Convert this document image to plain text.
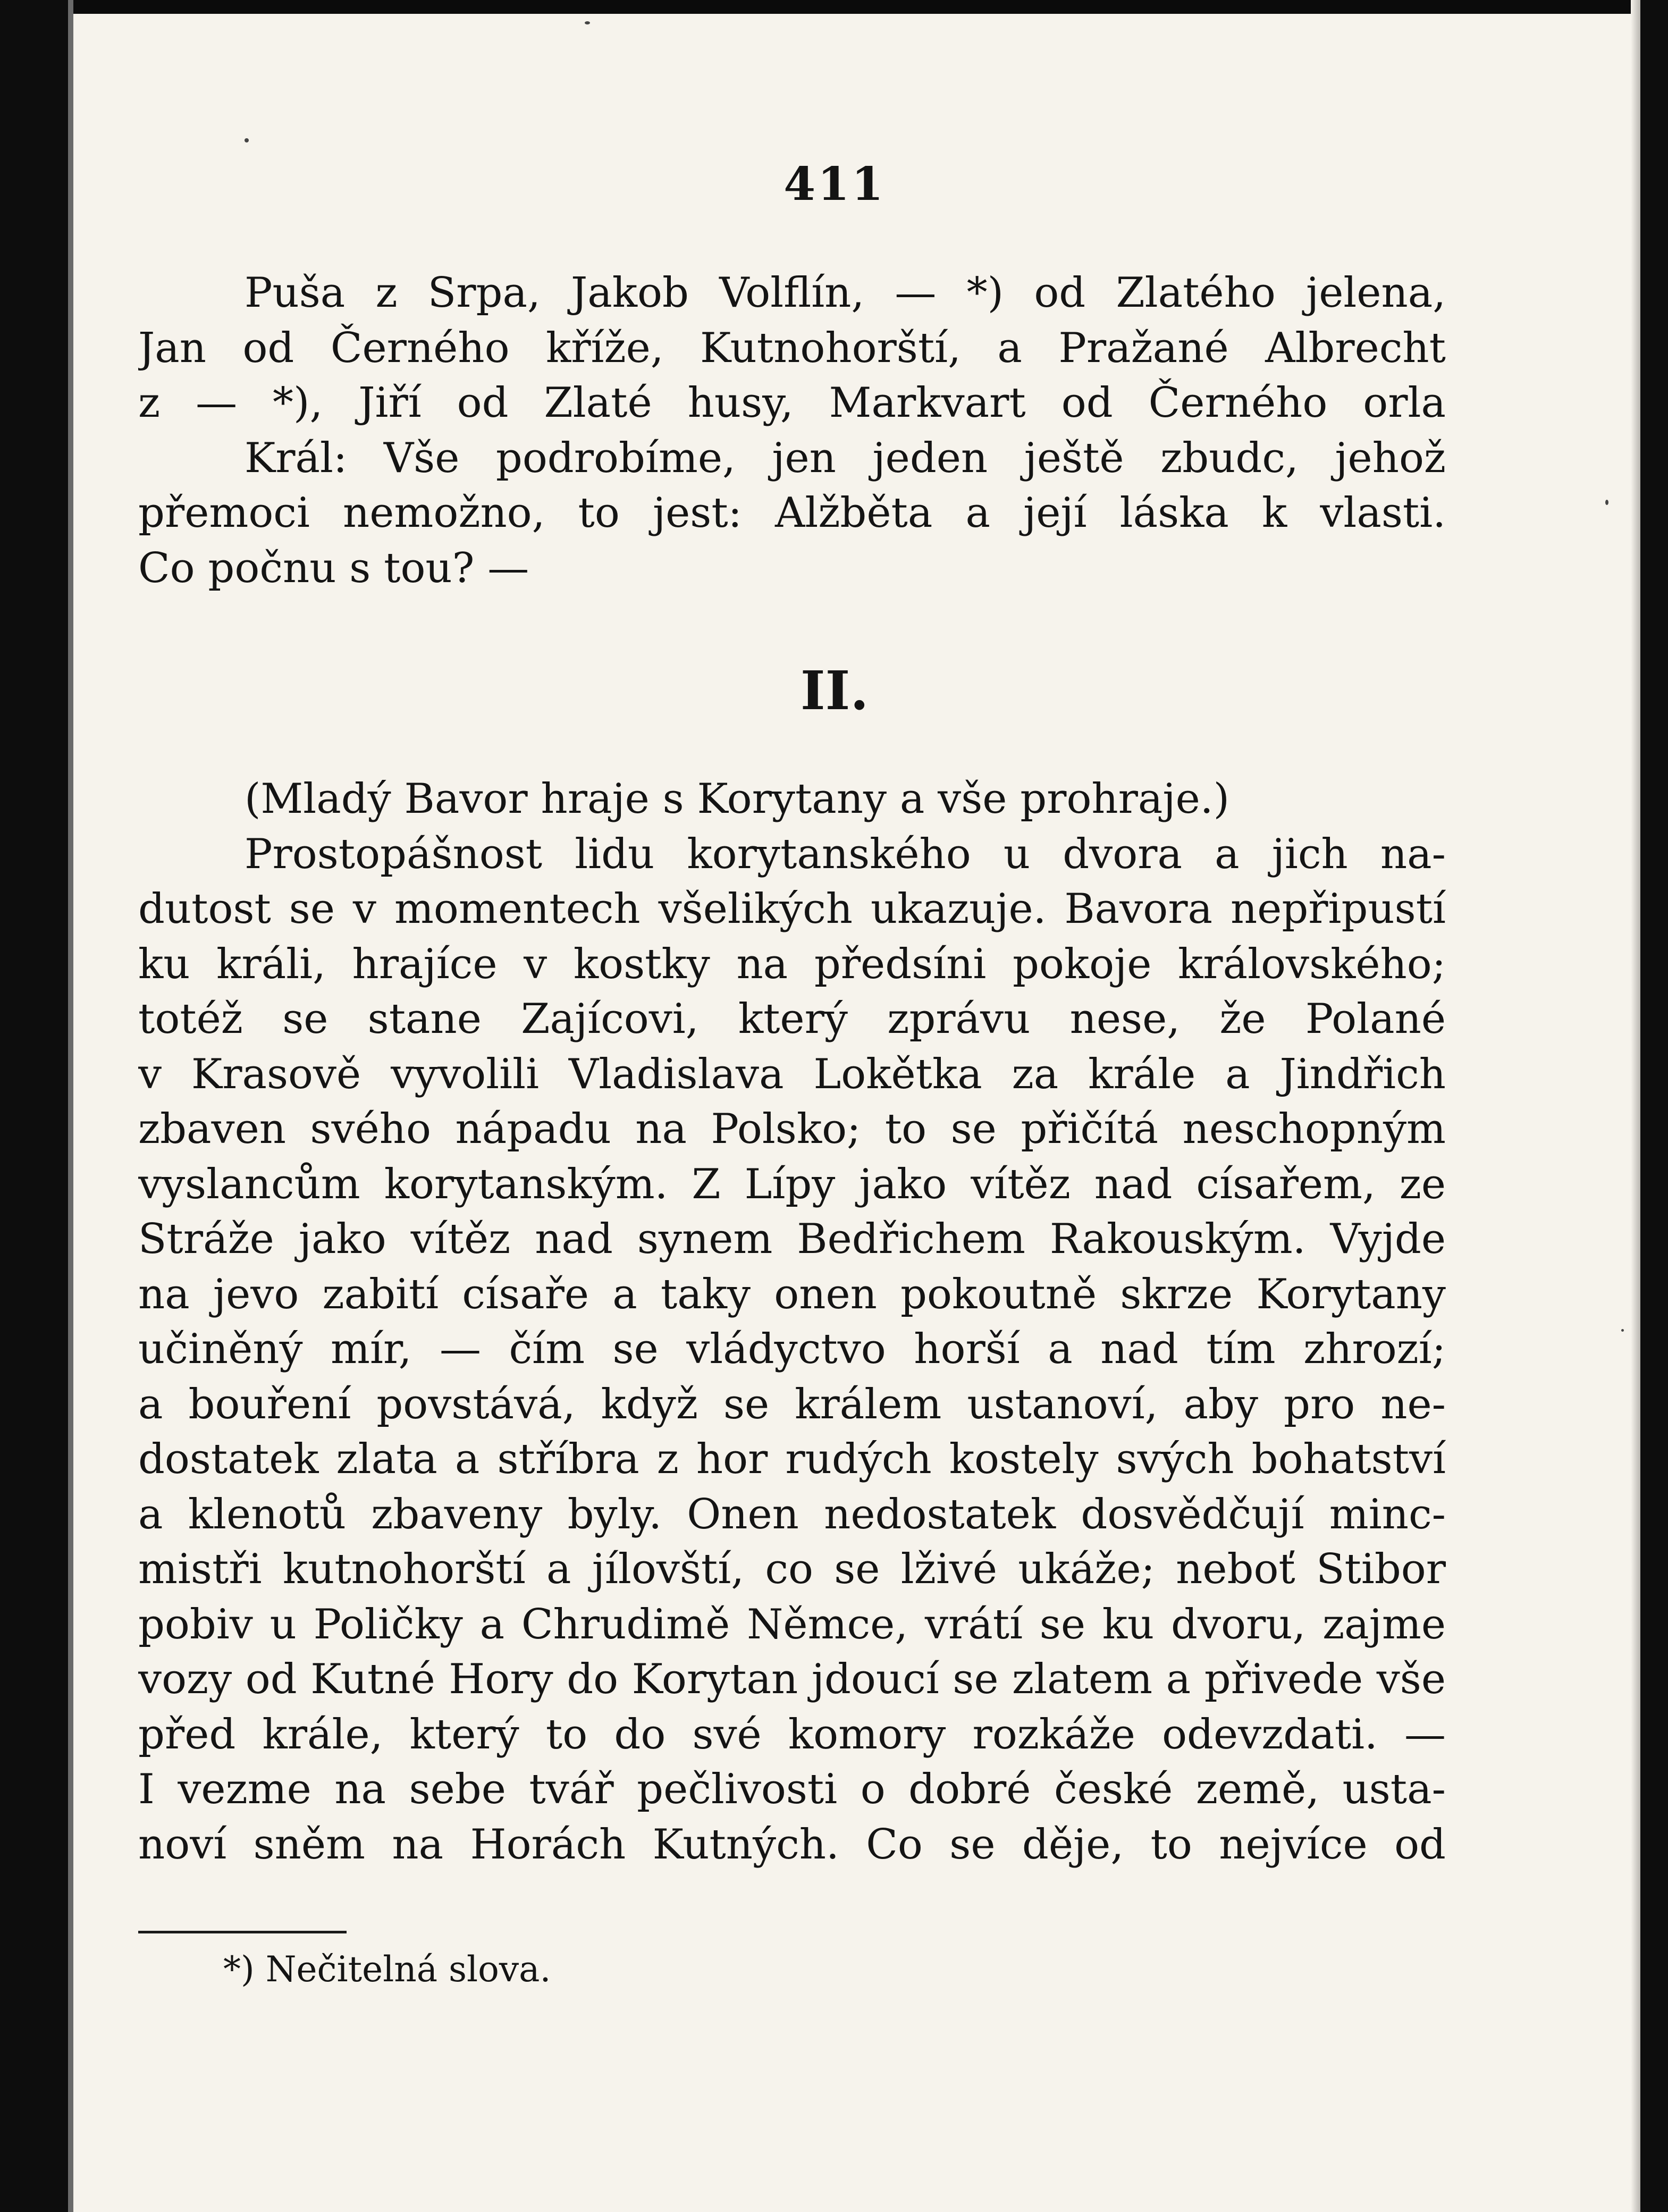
411
Puša z Srpa, Jakob Volflín, — *) od Zlatého jelena,
Jan od Černého kříže, Kutnohorští, a Pražané Albrecht
z — *), Jiří od Zlaté husy, Markvart od Černého orla
Král: Vše podrobíme, jen jeden ještě zbudc, jehož
přemoci nemožno, to jest: Alžběta a její láska k vlasti.
Co počnu s tou? —
II.
(Mladý Bavor hraje s Korytany a vše prohraje.)
Prostopášnost lidu korytanského u dvora a jich na-
dutost se v momentech všelikých ukazuje. Bavora nepřipustí
ku králi, hrajíce v kostky na předsíni pokoje královského;
totéž se stane Zajícovi, který zprávu nese, že Polané
v Krasově vyvolili Vladislava Lokětka za krále a Jindřich
zbaven svého nápadu na Polsko; to se přičítá neschopným
vyslancům korytanským. Z Lípy jako vítěz nad císařem, ze
Stráže jako vítěz nad synem Bedřichem Rakouským. Vyjde
na jevo zabití císaře a taky onen pokoutně skrze Korytany
učiněný mír, — čím se vládyctvo horší a nad tím zhrozí;
a bouření povstává, když se králem ustanoví, aby pro ne-
dostatek zlata a stříbra z hor rudých kostely svých bohatství
a klenotů zbaveny byly. Onen nedostatek dosvědčují minc-
mistři kutnohorští a jílovští, co se lživé ukáže; neboť Stibor
pobiv u Poličky a Chrudimě Němce, vrátí se ku dvoru, zajme
vozy od Kutné Hory do Korytan jdoucí se zlatem a přivede vše
před krále, který to do své komory rozkáže odevzdati. —
I vezme na sebe tvář pečlivosti o dobré české země, usta-
noví sněm na Horách Kutných. Co se děje, to nejvíce od
*) Nečitelná slova.
